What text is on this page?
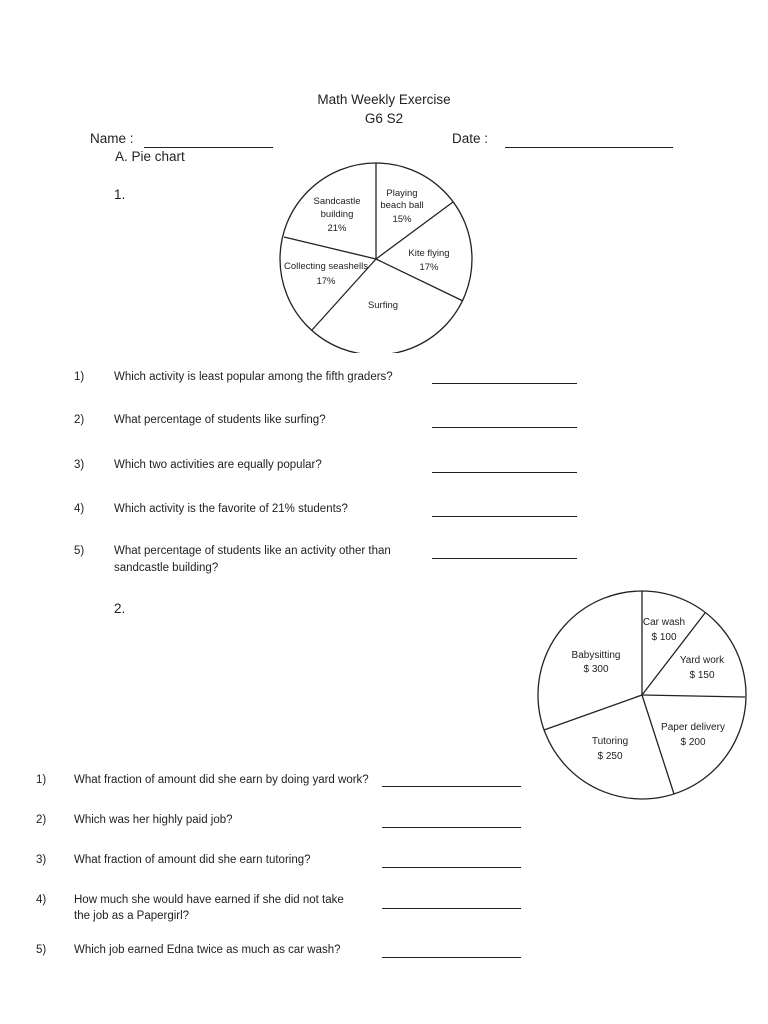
Math Weekly Exercise
G6 S2
Name :	Date :
A. Pie chart
1.	Sandcastle
building
21%
Playing
beach ball
15%
Kite flying
17%
Surfing
Collecting seashells
17%
1)	Which activity is least popular among the fifth graders?
2)	What percentage of students like surfing?
3)	Which two activities are equally popular?
4)	Which activity is the favorite of 21% students?
5)	What percentage of students like an activity other than
sandcastle building?
2.
Car wash
$ 100
Yard work
$ 150
Paper delivery
$ 200
Tutoring
$ 250
Babysitting
$ 300
1) What fraction of amount did she earn by doing yard work?
2) Which was her highly paid job?
3) What fraction of amount did she earn tutoring?
4) How much she would have earned if she did not take
the job as a Papergirl?
5) Which job earned Edna twice as much as car wash?
